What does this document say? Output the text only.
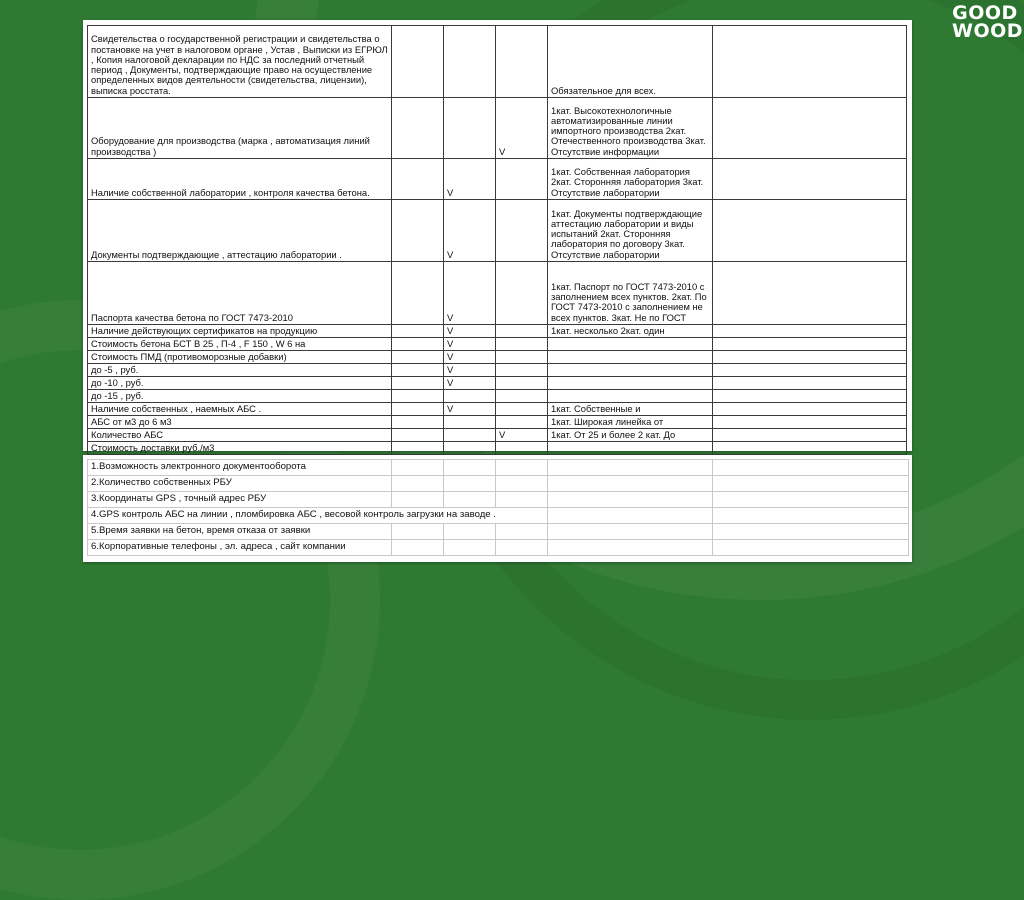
GOOD
WOOD
Свидетельства о государственной регистрации и свидетельства о постановке на учет в налоговом органе , Устав , Выписки из ЕГРЮЛ , Копия налоговой декларации по НДС за последний отчетный период , Документы, подтверждающие право на осуществление определенных видов деятельности (свидетельства, лицензии), выписка росстата.				Обязательное для всех.	
Оборудование для производства (марка , автоматизация линий производства )			V	1кат. Высокотехнологичные автоматизированные линии импортного производства 2кат. Отечественного производства 3кат. Отсутствие информации	
Наличие собственной лаборатории , контроля качества бетона.		V		1кат. Собственная лаборатория 2кат. Сторонняя лаборатория 3кат. Отсутствие лаборатории	
Документы подтверждающие , аттестацию лаборатории .		V		1кат. Документы подтверждающие аттестацию лаборатории и виды испытаний 2кат. Сторонняя лаборатория по договору 3кат. Отсутствие лаборатории	
Паспорта качества бетона по ГОСТ 7473-2010		V		1кат. Паспорт по ГОСТ 7473-2010 с заполнением всех пунктов. 2кат. По ГОСТ 7473-2010 с заполнением не всех пунктов. 3кат. Не по ГОСТ	
Наличие действующих сертификатов на продукцию		V		1кат. несколько 2кат. один	
Стоимость бетона БСТ В 25 , П-4 , F 150 , W 6 на		V			
Стоимость ПМД (противоморозные добавки)		V			
до -5 , руб.		V			
до -10 , руб.		V			
до -15 , руб.					
Наличие собственных , наемных АБС .		V		1кат. Собственные и	
АБС от м3 до 6 м3				1кат. Широкая линейка от	
Количество АБС			V	1кат. От 25 и более 2 кат. До	
Стоимость доставки руб./м3					
1.Возможность электронного документооборота					
2.Количество собственных РБУ					
3.Координаты GPS , точный адрес РБУ					
4.GPS контроль АБС на линии , пломбировка АБС , весовой контроль загрузки на заводе .					
5.Время заявки на бетон, время отказа от заявки					
6.Корпоративные телефоны , эл. адреса , сайт компании					
